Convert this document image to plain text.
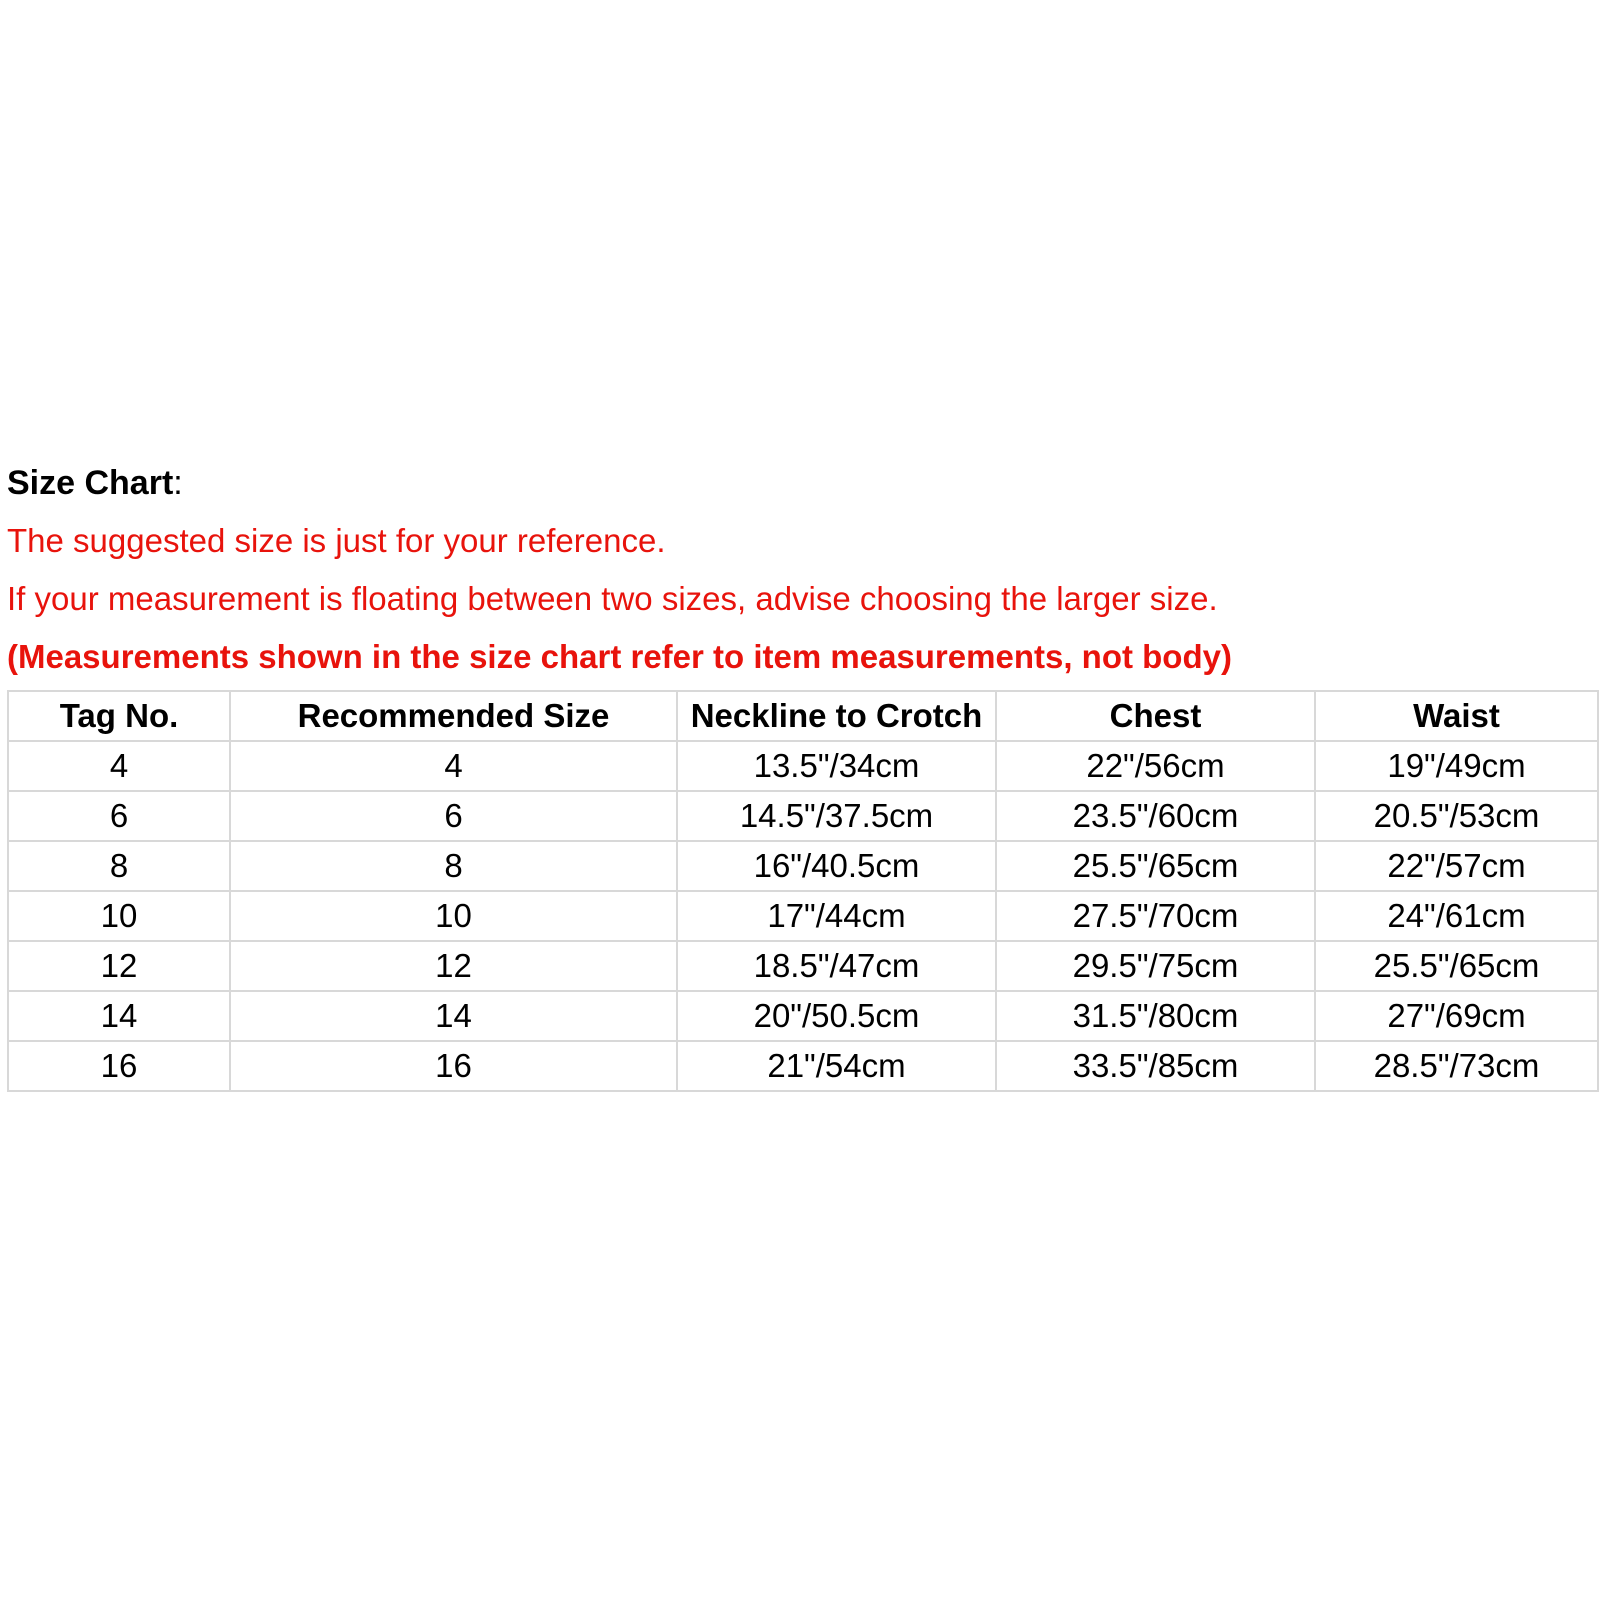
Size Chart:

The suggested size is just for your reference.

If your measurement is floating between two sizes, advise choosing the larger size.

(Measurements shown in the size chart refer to item measurements, not body)

Tag No.	Recommended Size	Neckline to Crotch	Chest	Waist
4	4	13.5"/34cm	22"/56cm	19"/49cm
6	6	14.5"/37.5cm	23.5"/60cm	20.5"/53cm
8	8	16"/40.5cm	25.5"/65cm	22"/57cm
10	10	17"/44cm	27.5"/70cm	24"/61cm
12	12	18.5"/47cm	29.5"/75cm	25.5"/65cm
14	14	20"/50.5cm	31.5"/80cm	27"/69cm
16	16	21"/54cm	33.5"/85cm	28.5"/73cm
